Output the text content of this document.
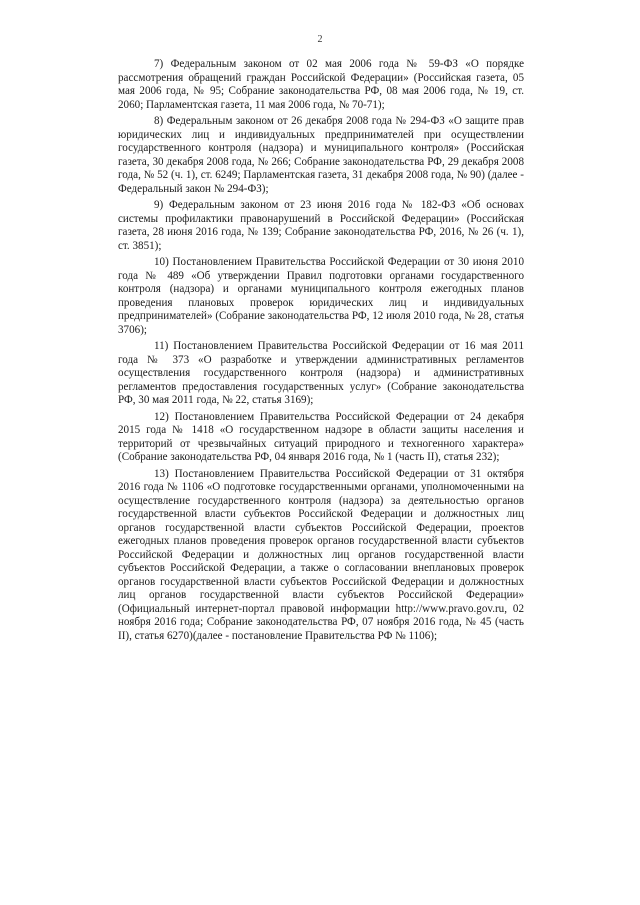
2

7) Федеральным законом от 02 мая 2006 года № 59-ФЗ «О порядке рассмотрения обращений граждан Российской Федерации» (Российская газета, 05 мая 2006 года, № 95; Собрание законодательства РФ, 08 мая 2006 года, № 19, ст. 2060; Парламентская газета, 11 мая 2006 года, № 70-71);

8) Федеральным законом от 26 декабря 2008 года № 294-ФЗ «О защите прав юридических лиц и индивидуальных предпринимателей при осуществлении государственного контроля (надзора) и муниципального контроля» (Российская газета, 30 декабря 2008 года, № 266; Собрание законодательства РФ, 29 декабря 2008 года, № 52 (ч. 1), ст. 6249; Парламентская газета, 31 декабря 2008 года, № 90) (далее - Федеральный закон № 294-ФЗ);

9) Федеральным законом от 23 июня 2016 года № 182-ФЗ «Об основах системы профилактики правонарушений в Российской Федерации» (Российская газета, 28 июня 2016 года, № 139; Собрание законодательства РФ, 2016, № 26 (ч. 1), ст. 3851);

10) Постановлением Правительства Российской Федерации от 30 июня 2010 года № 489 «Об утверждении Правил подготовки органами государственного контроля (надзора) и органами муниципального контроля ежегодных планов проведения плановых проверок юридических лиц и индивидуальных предпринимателей» (Собрание законодательства РФ, 12 июля 2010 года, № 28, статья 3706);

11) Постановлением Правительства Российской Федерации от 16 мая 2011 года № 373 «О разработке и утверждении административных регламентов осуществления государственного контроля (надзора) и административных регламентов предоставления государственных услуг» (Собрание законодательства РФ, 30 мая 2011 года, № 22, статья 3169);

12) Постановлением Правительства Российской Федерации от 24 декабря 2015 года № 1418 «О государственном надзоре в области защиты населения и территорий от чрезвычайных ситуаций природного и техногенного характера» (Собрание законодательства РФ, 04 января 2016 года, № 1 (часть II), статья 232);

13) Постановлением Правительства Российской Федерации от 31 октября 2016 года № 1106 «О подготовке государственными органами, уполномоченными на осуществление государственного контроля (надзора) за деятельностью органов государственной власти субъектов Российской Федерации и должностных лиц органов государственной власти субъектов Российской Федерации, проектов ежегодных планов проведения проверок органов государственной власти субъектов Российской Федерации и должностных лиц органов государственной власти субъектов Российской Федерации, а также о согласовании внеплановых проверок органов государственной власти субъектов Российской Федерации и должностных лиц органов государственной власти субъектов Российской Федерации» (Официальный интернет-портал правовой информации http://www.pravo.gov.ru, 02 ноября 2016 года; Собрание законодательства РФ, 07 ноября 2016 года, № 45 (часть II), статья 6270)(далее - постановление Правительства РФ № 1106);
